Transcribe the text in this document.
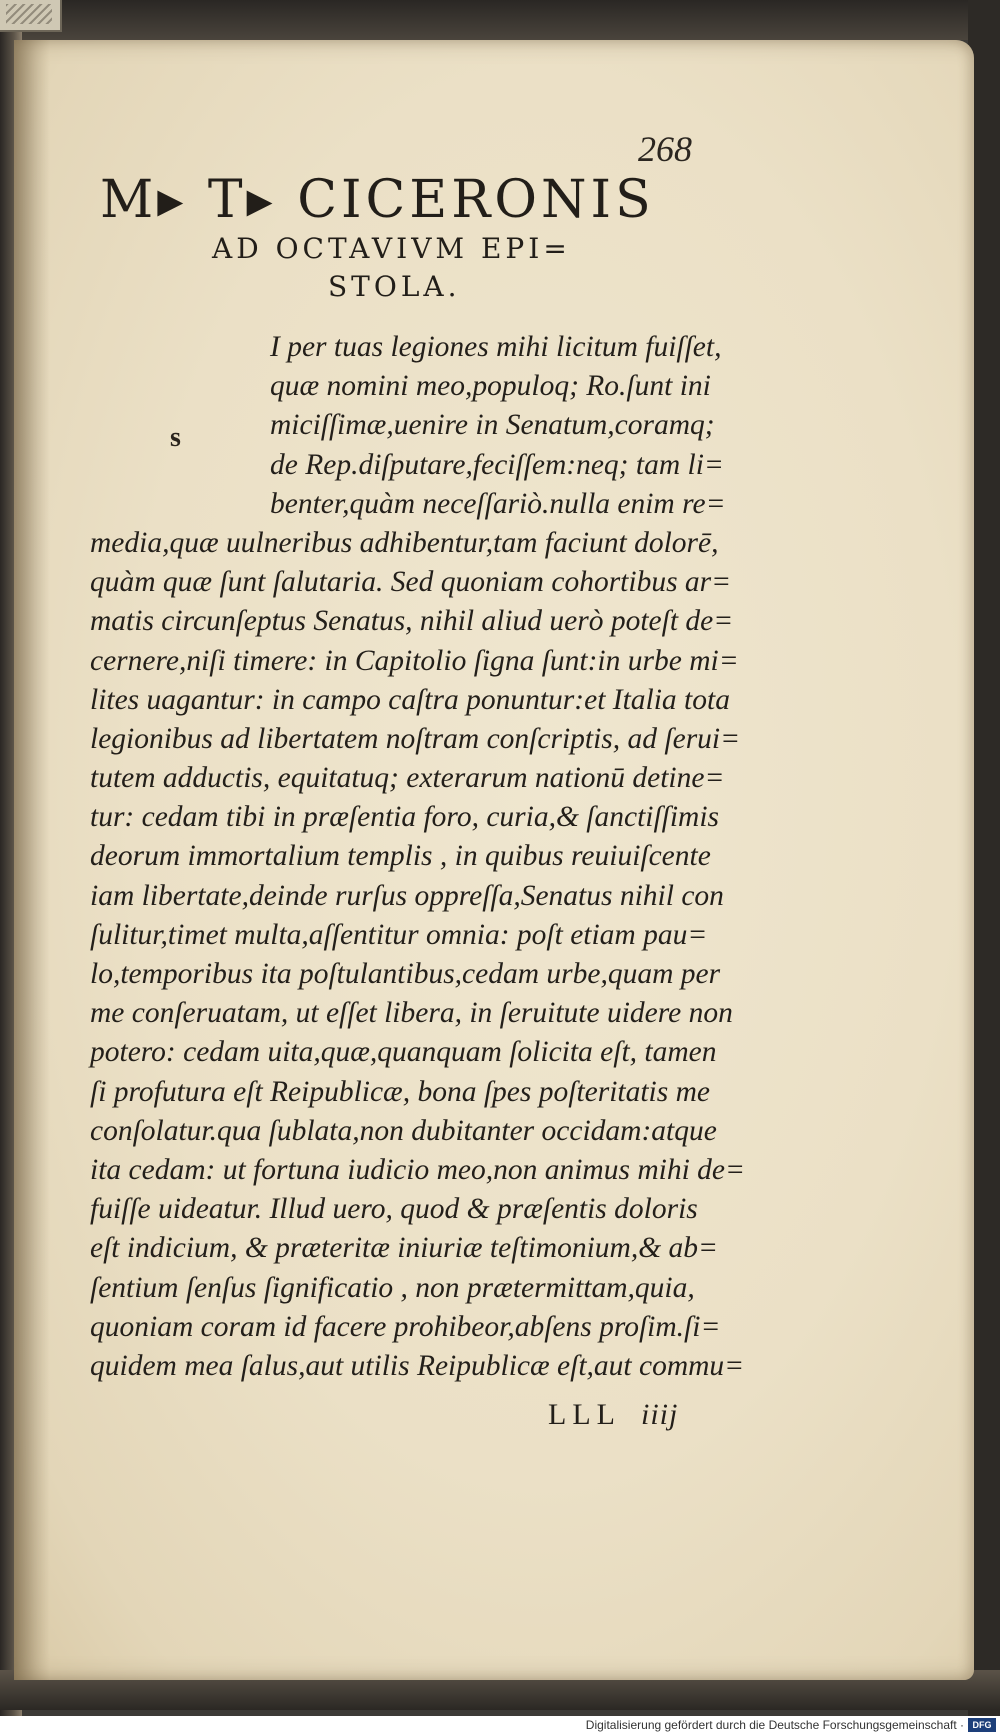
268
M▸ T▸ CICERONIS
AD OCTAVIVM EPI=
STOLA.
s
I per tuas legiones mihi licitum fuiſſet,
quæ nomini meo,populoq; Ro.ſunt ini
miciſſimæ,uenire in Senatum,coramq;
de Rep.diſputare,feciſſem:neq; tam li=
benter,quàm neceſſariò.nulla enim re=
media,quæ uulneribus adhibentur,tam faciunt dolorē,
quàm quæ ſunt ſalutaria. Sed quoniam cohortibus ar=
matis circunſeptus Senatus, nihil aliud uerò poteſt de=
cernere,niſi timere: in Capitolio ſigna ſunt:in urbe mi=
lites uagantur: in campo caſtra ponuntur:et Italia tota
legionibus ad libertatem noſtram conſcriptis, ad ſerui=
tutem adductis, equitatuq; exterarum nationū detine=
tur: cedam tibi in præſentia foro, curia,& ſanctiſſimis
deorum immortalium templis , in quibus reuiuiſcente
iam libertate,deinde rurſus oppreſſa,Senatus nihil con
ſulitur,timet multa,aſſentitur omnia: poſt etiam pau=
lo,temporibus ita poſtulantibus,cedam urbe,quam per
me conſeruatam, ut eſſet libera, in ſeruitute uidere non
potero: cedam uita,quæ,quanquam ſolicita eſt, tamen
ſi profutura eſt Reipublicæ, bona ſpes poſteritatis me
conſolatur.qua ſublata,non dubitanter occidam:atque
ita cedam: ut fortuna iudicio meo,non animus mihi de=
fuiſſe uideatur. Illud uero, quod & præſentis doloris
eſt indicium, & præteritæ iniuriæ teſtimonium,& ab=
ſentium ſenſus ſignificatio , non prætermittam,quia,
quoniam coram id facere prohibeor,abſens proſim.ſi=
quidem mea ſalus,aut utilis Reipublicæ eſt,aut commu=
LLL iiij
Digitalisierung gefördert durch die Deutsche Forschungsgemeinschaft · DFG
